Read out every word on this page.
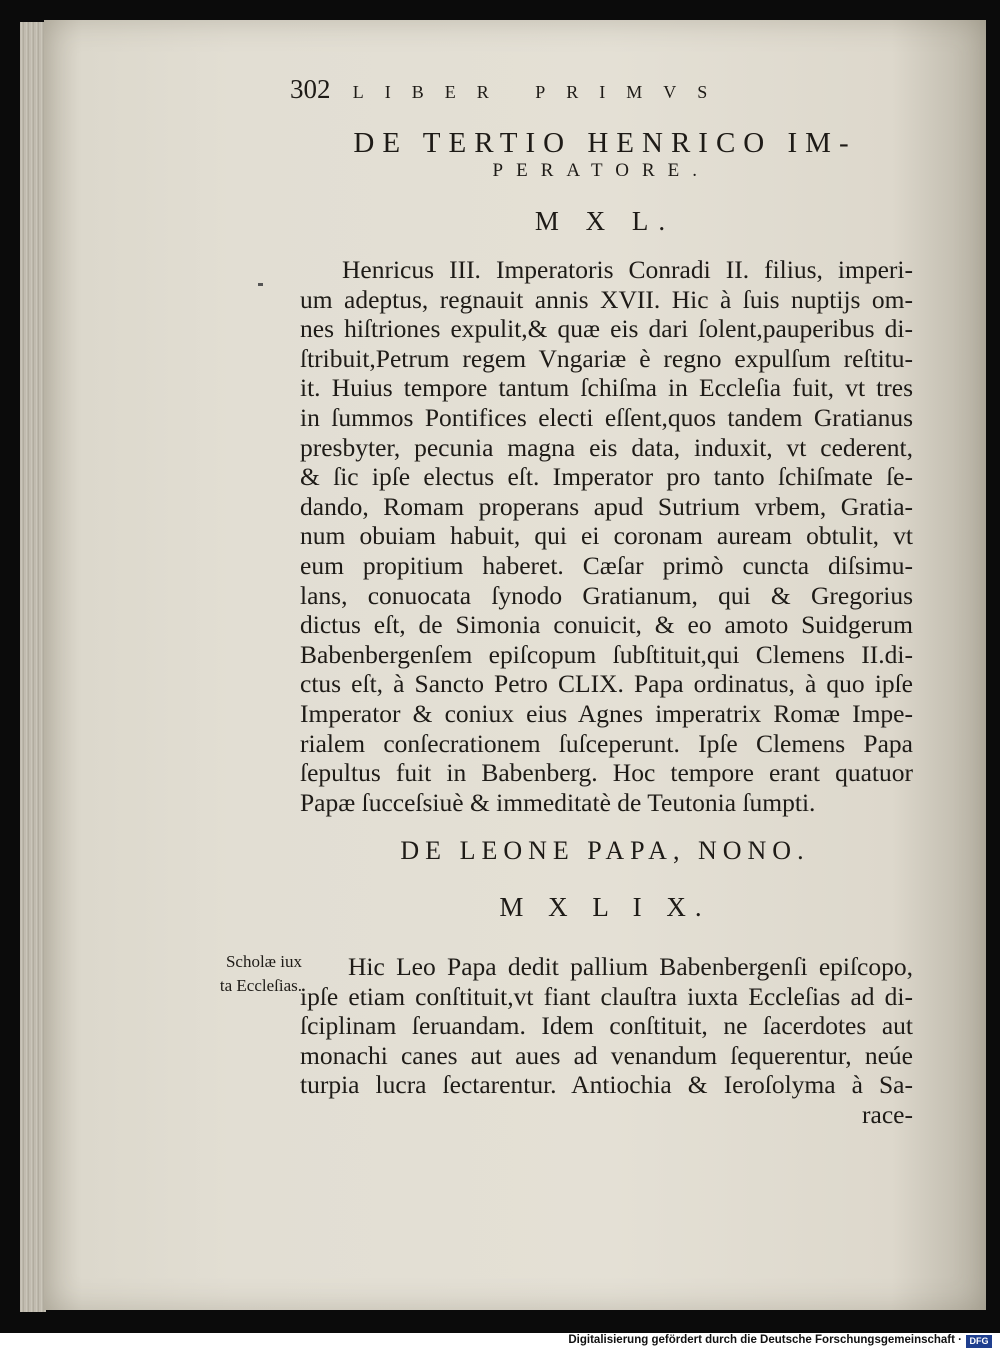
302 LIBER PRIMVS
DE TERTIO HENRICO IM-
PERATORE.
M X L.
Henricus III. Imperatoris Conradi II. filius, imperi-
um adeptus, regnauit annis XVII. Hic à ſuis nuptijs om-
nes hiſtriones expulit,& quæ eis dari ſolent,pauperibus di-
ſtribuit,Petrum regem Vngariæ è regno expulſum reſtitu-
it. Huius tempore tantum ſchiſma in Eccleſia fuit, vt tres
in ſummos Pontifices electi eſſent,quos tandem Gratianus
presbyter, pecunia magna eis data, induxit, vt cederent,
& ſic ipſe electus eſt. Imperator pro tanto ſchiſmate ſe-
dando, Romam properans apud Sutrium vrbem, Gratia-
num obuiam habuit, qui ei coronam auream obtulit, vt
eum propitium haberet. Cæſar primò cuncta diſsimu-
lans, conuocata ſynodo Gratianum, qui & Gregorius
dictus eſt, de Simonia conuicit, & eo amoto Suidgerum
Babenbergenſem epiſcopum ſubſtituit,qui Clemens II.di-
ctus eſt, à Sancto Petro CLIX. Papa ordinatus, à quo ipſe
Imperator & coniux eius Agnes imperatrix Romæ Impe-
rialem conſecrationem ſuſceperunt. Ipſe Clemens Papa
ſepultus fuit in Babenberg. Hoc tempore erant quatuor
Papæ ſucceſsiuè & immeditatè de Teutonia ſumpti.
DE LEONE PAPA, NONO.
M X L I X.
Scholæ iux
ta Eccleſias.
Hic Leo Papa dedit pallium Babenbergenſi epiſcopo,
ipſe etiam conſtituit,vt fiant clauſtra iuxta Eccleſias ad di-
ſciplinam ſeruandam. Idem conſtituit, ne ſacerdotes aut
monachi canes aut aues ad venandum ſequerentur, neúe
turpia lucra ſectarentur. Antiochia & Ieroſolyma à Sa-
race-
Digitalisierung gefördert durch die Deutsche Forschungsgemeinschaft · DFG
